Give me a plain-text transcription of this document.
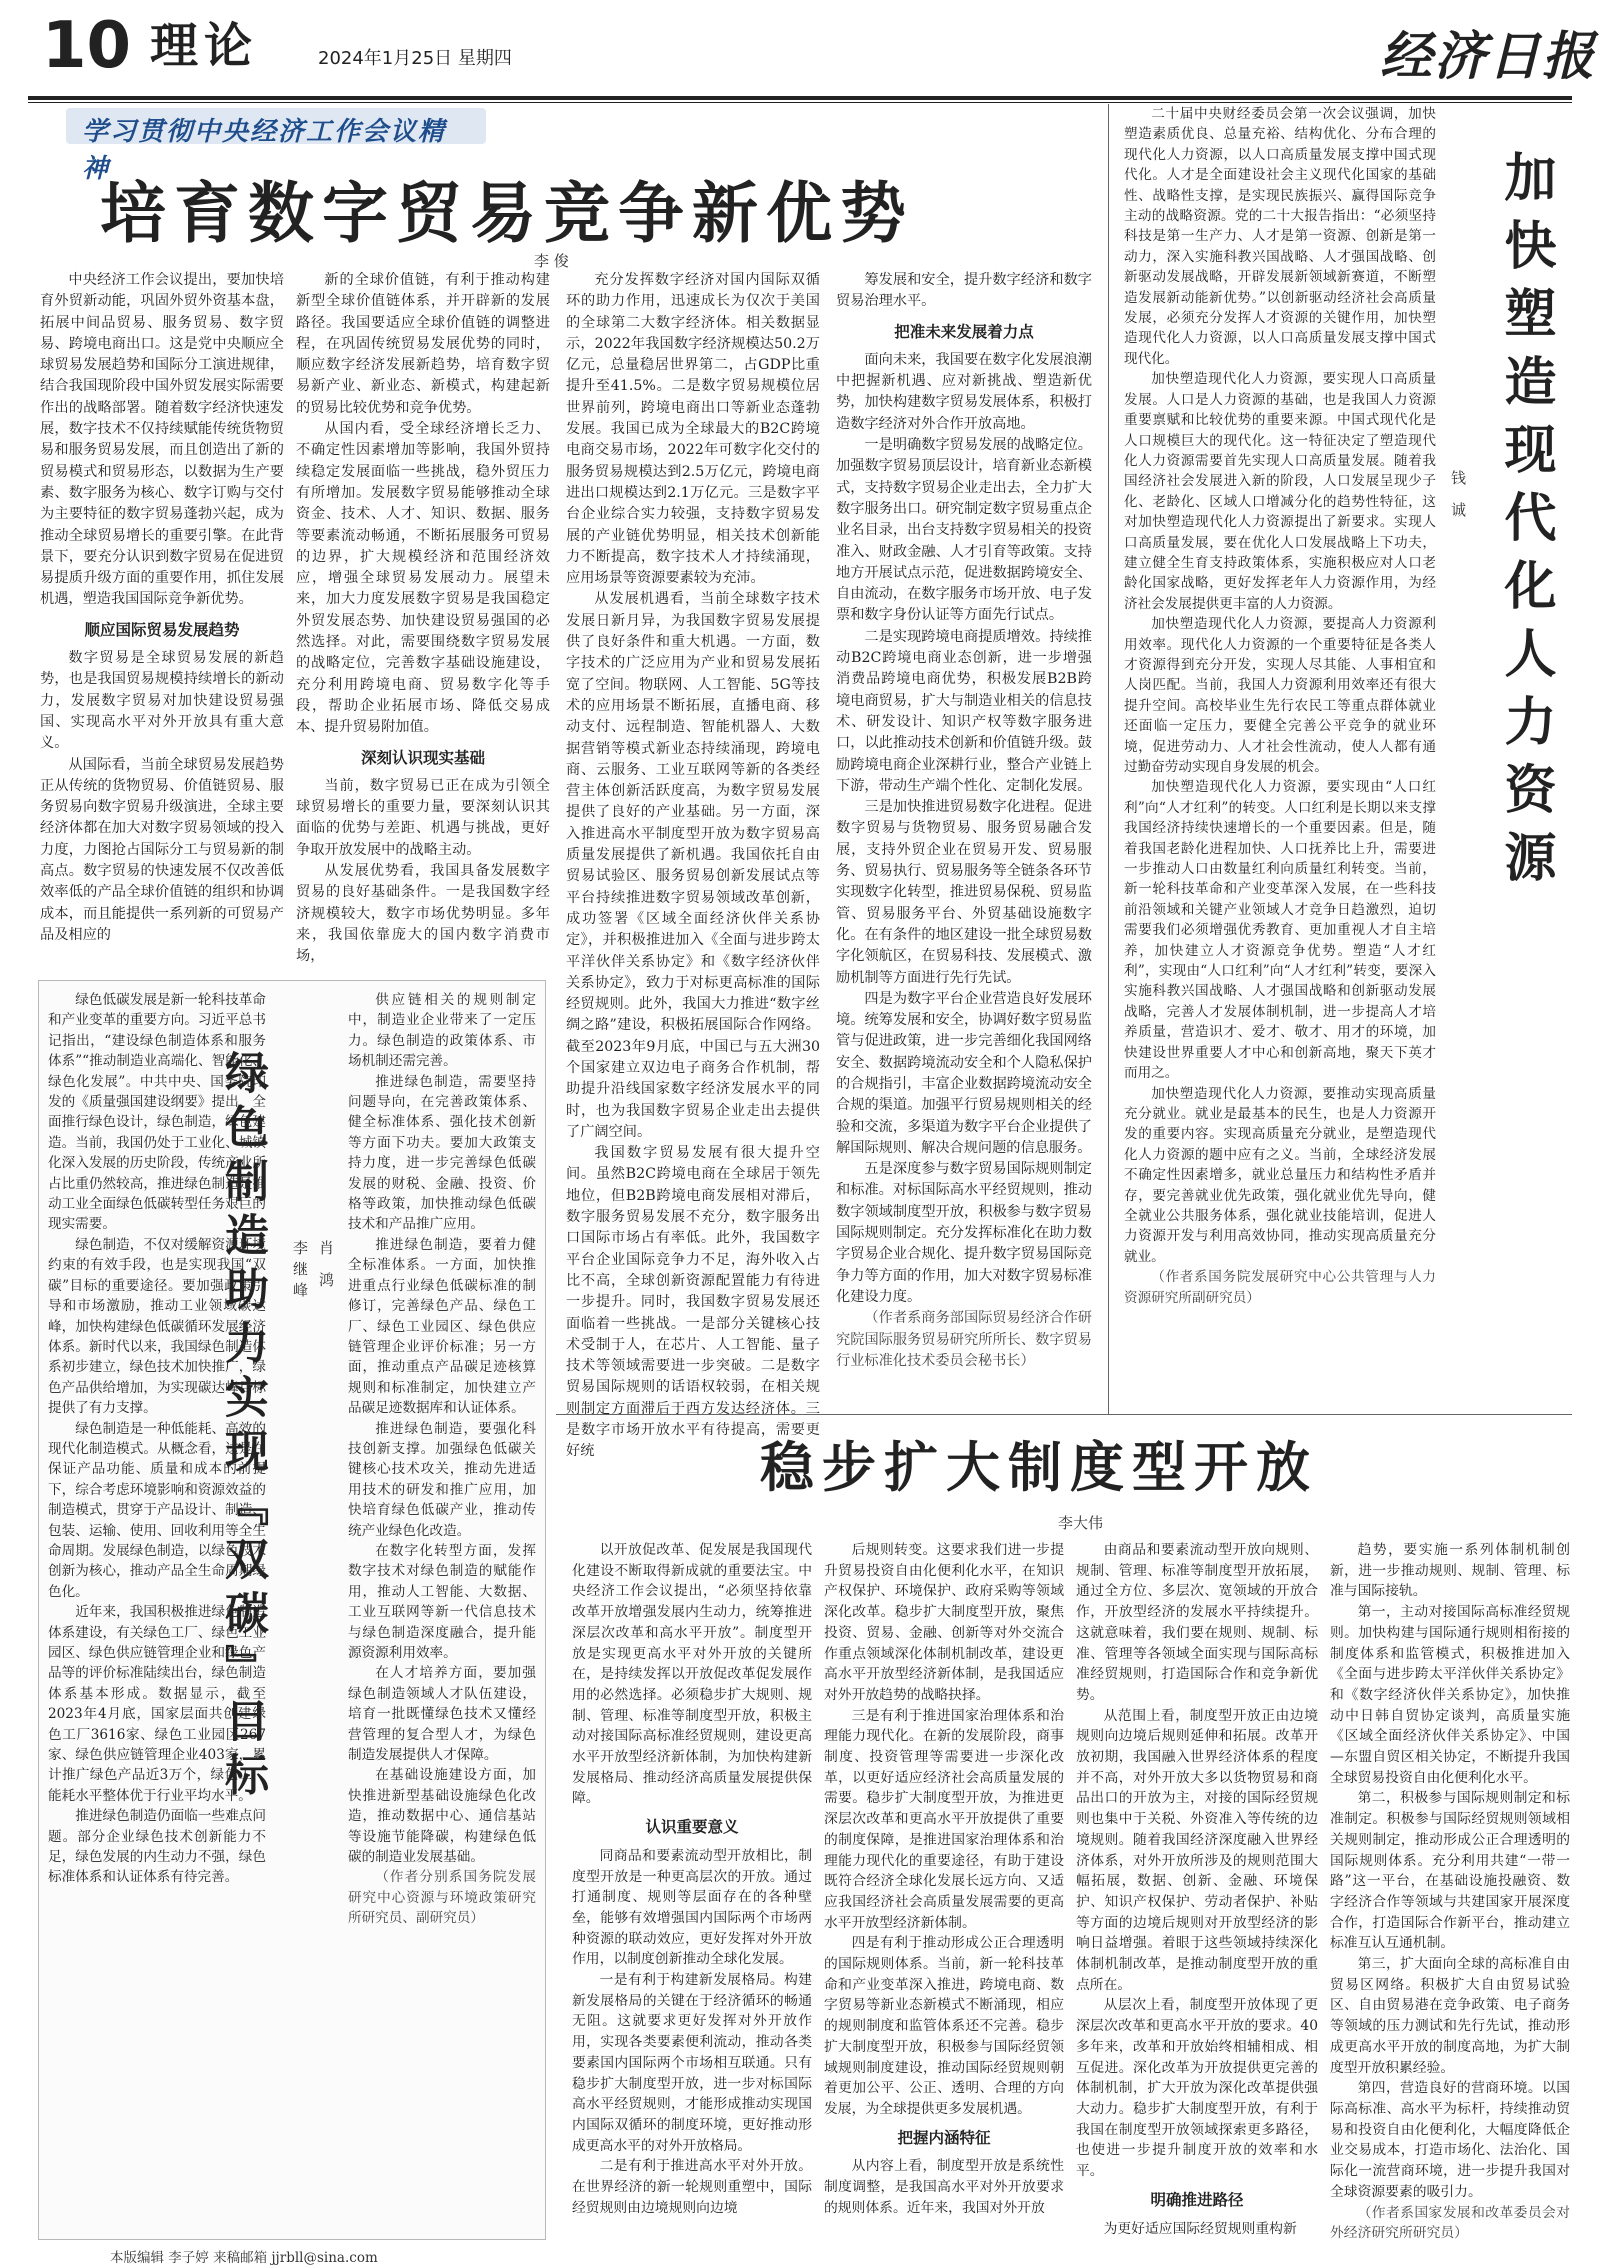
10 理论	2024年1月25日 星期四	经济日报
学习贯彻中央经济工作会议精神
培育数字贸易竞争新优势
李 俊

中央经济工作会议提出，要加快培育外贸新动能，巩固外贸外资基本盘，拓展中间品贸易、服务贸易、数字贸易、跨境电商出口。这是党中央顺应全球贸易发展趋势和国际分工演进规律，结合我国现阶段中国外贸发展实际需要作出的战略部署。随着数字经济快速发展，数字技术不仅持续赋能传统货物贸易和服务贸易发展，而且创造出了新的贸易模式和贸易形态，以数据为生产要素、数字服务为核心、数字订购与交付为主要特征的数字贸易蓬勃兴起，成为推动全球贸易增长的重要引擎。在此背景下，要充分认识到数字贸易在促进贸易提质升级方面的重要作用，抓住发展机遇，塑造我国国际竞争新优势。

顺应国际贸易发展趋势

数字贸易是全球贸易发展的新趋势，也是我国贸易规模持续增长的新动力，发展数字贸易对加快建设贸易强国、实现高水平对外开放具有重大意义。

从国际看，当前全球贸易发展趋势正从传统的货物贸易、价值链贸易、服务贸易向数字贸易升级演进，全球主要经济体都在加大对数字贸易领域的投入力度，力图抢占国际分工与贸易新的制高点。数字贸易的快速发展不仅改善低效率低的产品全球价值链的组织和协调成本，而且能提供一系列新的可贸易产品及相应的

新的全球价值链，有利于推动构建新型全球价值链体系，并开辟新的发展路径。我国要适应全球价值链的调整进程，在巩固传统贸易发展优势的同时，顺应数字经济发展新趋势，培育数字贸易新产业、新业态、新模式，构建起新的贸易比较优势和竞争优势。

从国内看，受全球经济增长乏力、不确定性因素增加等影响，我国外贸持续稳定发展面临一些挑战，稳外贸压力有所增加。发展数字贸易能够推动全球资金、技术、人才、知识、数据、服务等要素流动畅通，不断拓展服务可贸易的边界，扩大规模经济和范围经济效应，增强全球贸易发展动力。展望未来，加大力度发展数字贸易是我国稳定外贸发展态势、加快建设贸易强国的必然选择。对此，需要围绕数字贸易发展的战略定位，完善数字基础设施建设，充分利用跨境电商、贸易数字化等手段，帮助企业拓展市场、降低交易成本、提升贸易附加值。

深刻认识现实基础

当前，数字贸易已正在成为引领全球贸易增长的重要力量，要深刻认识其面临的优势与差距、机遇与挑战，更好争取开放发展中的战略主动。

从发展优势看，我国具备发展数字贸易的良好基础条件。一是我国数字经济规模较大，数字市场优势明显。多年来，我国依靠庞大的国内数字消费市场，

充分发挥数字经济对国内国际双循环的助力作用，迅速成长为仅次于美国的全球第二大数字经济体。相关数据显示，2022年我国数字经济规模达50.2万亿元，总量稳居世界第二，占GDP比重提升至41.5%。二是数字贸易规模位居世界前列，跨境电商出口等新业态蓬勃发展。我国已成为全球最大的B2C跨境电商交易市场，2022年可数字化交付的服务贸易规模达到2.5万亿元，跨境电商进出口规模达到2.1万亿元。三是数字平台企业综合实力较强，支持数字贸易发展的产业链优势明显，相关技术创新能力不断提高，数字技术人才持续涌现，应用场景等资源要素较为充沛。

从发展机遇看，当前全球数字技术发展日新月异，为我国数字贸易发展提供了良好条件和重大机遇。一方面，数字技术的广泛应用为产业和贸易发展拓宽了空间。物联网、人工智能、5G等技术的应用场景不断拓展，直播电商、移动支付、远程制造、智能机器人、大数据营销等模式新业态持续涌现，跨境电商、云服务、工业互联网等新的各类经营主体创新活跃度高，为数字贸易发展提供了良好的产业基础。另一方面，深入推进高水平制度型开放为数字贸易高质量发展提供了新机遇。我国依托自由贸易试验区、服务贸易创新发展试点等平台持续推进数字贸易领域改革创新，成功签署《区域全面经济伙伴关系协定》，并积极推进加入《全面与进步跨太平洋伙伴关系协定》和《数字经济伙伴关系协定》，致力于对标更高标准的国际经贸规则。此外，我国大力推进“数字丝绸之路”建设，积极拓展国际合作网络。截至2023年9月底，中国已与五大洲30个国家建立双边电子商务合作机制，帮助提升沿线国家数字经济发展水平的同时，也为我国数字贸易企业走出去提供了广阔空间。

我国数字贸易发展有很大提升空间。虽然B2C跨境电商在全球居于领先地位，但B2B跨境电商发展相对滞后，数字服务贸易发展不充分，数字服务出口国际市场占有率低。此外，我国数字平台企业国际竞争力不足，海外收入占比不高，全球创新资源配置能力有待进一步提升。同时，我国数字贸易发展还面临着一些挑战。一是部分关键核心技术受制于人，在芯片、人工智能、量子技术等领域需要进一步突破。二是数字贸易国际规则的话语权较弱，在相关规则制定方面滞后于西方发达经济体。三是数字市场开放水平有待提高，需要更好统

筹发展和安全，提升数字经济和数字贸易治理水平。

把准未来发展着力点

面向未来，我国要在数字化发展浪潮中把握新机遇、应对新挑战、塑造新优势，加快构建数字贸易发展体系，积极打造数字经济对外合作开放高地。

一是明确数字贸易发展的战略定位。加强数字贸易顶层设计，培育新业态新模式，支持数字贸易企业走出去，全力扩大数字服务出口。研究制定数字贸易重点企业名目录，出台支持数字贸易相关的投资准入、财政金融、人才引育等政策。支持地方开展试点示范，促进数据跨境安全、自由流动，在数字服务市场开放、电子发票和数字身份认证等方面先行试点。

二是实现跨境电商提质增效。持续推动B2C跨境电商业态创新，进一步增强消费品跨境电商优势，积极发展B2B跨境电商贸易，扩大与制造业相关的信息技术、研发设计、知识产权等数字服务进口，以此推动技术创新和价值链升级。鼓励跨境电商企业深耕行业，整合产业链上下游，带动生产端个性化、定制化发展。

三是加快推进贸易数字化进程。促进数字贸易与货物贸易、服务贸易融合发展，支持外贸企业在贸易开发、贸易服务、贸易执行、贸易服务等全链条各环节实现数字化转型，推进贸易保税、贸易监管、贸易服务平台、外贸基础设施数字化。在有条件的地区建设一批全球贸易数字化领航区，在贸易科技、发展模式、激励机制等方面进行先行先试。

四是为数字平台企业营造良好发展环境。统筹发展和安全，协调好数字贸易监管与促进政策，进一步完善细化我国网络安全、数据跨境流动安全和个人隐私保护的合规指引，丰富企业数据跨境流动安全合规的渠道。加强平行贸易规则相关的经验和交流，多渠道为数字平台企业提供了解国际规则、解决合规问题的信息服务。

五是深度参与数字贸易国际规则制定和标准。对标国际高水平经贸规则，推动数字领域制度型开放，积极参与数字贸易国际规则制定。充分发挥标准化在助力数字贸易企业合规化、提升数字贸易国际竞争力等方面的作用，加大对数字贸易标准化建设力度。

（作者系商务部国际贸易经济合作研究院国际服务贸易研究所所长、数字贸易行业标准化技术委员会秘书长）

二十届中央财经委员会第一次会议强调，加快塑造素质优良、总量充裕、结构优化、分布合理的现代化人力资源，以人口高质量发展支撑中国式现代化。人才是全面建设社会主义现代化国家的基础性、战略性支撑，是实现民族振兴、赢得国际竞争主动的战略资源。党的二十大报告指出：“必须坚持科技是第一生产力、人才是第一资源、创新是第一动力，深入实施科教兴国战略、人才强国战略、创新驱动发展战略，开辟发展新领域新赛道，不断塑造发展新动能新优势。”以创新驱动经济社会高质量发展，必须充分发挥人才资源的关键作用，加快塑造现代化人力资源，以人口高质量发展支撑中国式现代化。

加快塑造现代化人力资源，要实现人口高质量发展。人口是人力资源的基础，也是我国人力资源重要禀赋和比较优势的重要来源。中国式现代化是人口规模巨大的现代化。这一特征决定了塑造现代化人力资源需要首先实现人口高质量发展。随着我国经济社会发展进入新的阶段，人口发展呈现少子化、老龄化、区域人口增减分化的趋势性特征，这对加快塑造现代化人力资源提出了新要求。实现人口高质量发展，要在优化人口发展战略上下功夫，建立健全生育支持政策体系，实施积极应对人口老龄化国家战略，更好发挥老年人力资源作用，为经济社会发展提供更丰富的人力资源。

加快塑造现代化人力资源，要提高人力资源利用效率。现代化人力资源的一个重要特征是各类人才资源得到充分开发，实现人尽其能、人事相宜和人岗匹配。当前，我国人力资源利用效率还有很大提升空间。高校毕业生先行农民工等重点群体就业还面临一定压力，要健全完善公平竞争的就业环境，促进劳动力、人才社会性流动，使人人都有通过勤奋劳动实现自身发展的机会。

加快塑造现代化人力资源，要实现由“人口红利”向“人才红利”的转变。人口红利是长期以来支撑我国经济持续快速增长的一个重要因素。但是，随着我国老龄化进程加快、人口抚养比上升，需要进一步推动人口由数量红利向质量红利转变。当前，新一轮科技革命和产业变革深入发展，在一些科技前沿领域和关键产业领域人才竞争日趋激烈，迫切需要我们必须增强优秀教育、更加重视人才自主培养，加快建立人才资源竞争优势。塑造“人才红利”，实现由“人口红利”向“人才红利”转变，要深入实施科教兴国战略、人才强国战略和创新驱动发展战略，完善人才发展体制机制，进一步提高人才培养质量，营造识才、爱才、敬才、用才的环境，加快建设世界重要人才中心和创新高地，聚天下英才而用之。

加快塑造现代化人力资源，要推动实现高质量充分就业。就业是最基本的民生，也是人力资源开发的重要内容。实现高质量充分就业，是塑造现代化人力资源的题中应有之义。当前，全球经济发展不确定性因素增多，就业总量压力和结构性矛盾并存，要完善就业优先政策，强化就业优先导向，健全就业公共服务体系，强化就业技能培训，促进人力资源开发与利用高效协同，推动实现高质量充分就业。

（作者系国务院发展研究中心公共管理与人力资源研究所副研究员）

加快塑造现代化人力资源
钱 诚

绿色低碳发展是新一轮科技革命和产业变革的重要方向。习近平总书记指出，“建设绿色制造体系和服务体系”“推动制造业高端化、智能化、绿色化发展”。中共中央、国务院印发的《质量强国建设纲要》提出，全面推行绿色设计，绿色制造，绿色建造。当前，我国仍处于工业化、城镇化深入发展的历史阶段，传统产业所占比重仍然较高，推进绿色制造是推动工业全面绿色低碳转型任务艰巨的现实需要。

绿色制造，不仅对缓解资源环境约束的有效手段，也是实现我国“双碳”目标的重要途径。要加强政策引导和市场激励，推动工业领域碳达峰，加快构建绿色低碳循环发展经济体系。新时代以来，我国绿色制造体系初步建立，绿色技术加快推广，绿色产品供给增加，为实现碳达峰目标提供了有力支撑。

绿色制造是一种低能耗、高效的现代化制造模式。从概念看，这是在保证产品功能、质量和成本的前提下，综合考虑环境影响和资源效益的制造模式，贯穿于产品设计、制造、包装、运输、使用、回收利用等全生命周期。发展绿色制造，以绿色技术创新为核心，推动产品全生命周期绿色化。

近年来，我国积极推进绿色制造体系建设，有关绿色工厂、绿色工业园区、绿色供应链管理企业和绿色产品等的评价标准陆续出台，绿色制造体系基本形成。数据显示，截至2023年4月底，国家层面共创建绿色工厂3616家、绿色工业园区267家、绿色供应链管理企业403家，累计推广绿色产品近3万个，绿色工厂能耗水平整体优于行业平均水平。

推进绿色制造仍面临一些难点问题。部分企业绿色技术创新能力不足，绿色发展的内生动力不强，绿色标准体系和认证体系有待完善。

绿色制造助力实现『双碳』目标	李继峰 肖 鸿

供应链相关的规则制定中，制造业企业带来了一定压力。绿色制造的政策体系、市场机制还需完善。

推进绿色制造，需要坚持问题导向，在完善政策体系、健全标准体系、强化技术创新等方面下功夫。要加大政策支持力度，进一步完善绿色低碳发展的财税、金融、投资、价格等政策，加快推动绿色低碳技术和产品推广应用。

推进绿色制造，要着力健全标准体系。一方面，加快推进重点行业绿色低碳标准的制修订，完善绿色产品、绿色工厂、绿色工业园区、绿色供应链管理企业评价标准；另一方面，推动重点产品碳足迹核算规则和标准制定，加快建立产品碳足迹数据库和认证体系。

推进绿色制造，要强化科技创新支撑。加强绿色低碳关键核心技术攻关，推动先进适用技术的研发和推广应用，加快培育绿色低碳产业，推动传统产业绿色化改造。

在数字化转型方面，发挥数字技术对绿色制造的赋能作用，推动人工智能、大数据、工业互联网等新一代信息技术与绿色制造深度融合，提升能源资源利用效率。

在人才培养方面，要加强绿色制造领域人才队伍建设，培育一批既懂绿色技术又懂经营管理的复合型人才，为绿色制造发展提供人才保障。

在基础设施建设方面，加快推进新型基础设施绿色化改造，推动数据中心、通信基站等设施节能降碳，构建绿色低碳的制造业发展基础。

（作者分别系国务院发展研究中心资源与环境政策研究所研究员、副研究员）

稳步扩大制度型开放
李大伟

以开放促改革、促发展是我国现代化建设不断取得新成就的重要法宝。中央经济工作会议提出，“必须坚持依靠改革开放增强发展内生动力，统筹推进深层次改革和高水平开放”。制度型开放是实现更高水平对外开放的关键所在，是持续发挥以开放促改革促发展作用的必然选择。必须稳步扩大规则、规制、管理、标准等制度型开放，积极主动对接国际高标准经贸规则，建设更高水平开放型经济新体制，为加快构建新发展格局、推动经济高质量发展提供保障。

认识重要意义

同商品和要素流动型开放相比，制度型开放是一种更高层次的开放。通过打通制度、规则等层面存在的各种壁垒，能够有效增强国内国际两个市场两种资源的联动效应，更好发挥对外开放作用，以制度创新推动全球化发展。

一是有利于构建新发展格局。构建新发展格局的关键在于经济循环的畅通无阻。这就要求更好发挥对外开放作用，实现各类要素便利流动，推动各类要素国内国际两个市场相互联通。只有稳步扩大制度型开放，进一步对标国际高水平经贸规则，才能形成推动实现国内国际双循环的制度环境，更好推动形成更高水平的对外开放格局。

二是有利于推进高水平对外开放。在世界经济的新一轮规则重塑中，国际经贸规则由边境规则向边境

后规则转变。这要求我们进一步提升贸易投资自由化便利化水平，在知识产权保护、环境保护、政府采购等领域深化改革。稳步扩大制度型开放，聚焦投资、贸易、金融、创新等对外交流合作重点领域深化体制机制改革，建设更高水平开放型经济新体制，是我国适应对外开放趋势的战略抉择。

三是有利于推进国家治理体系和治理能力现代化。在新的发展阶段，商事制度、投资管理等需要进一步深化改革，以更好适应经济社会高质量发展的需要。稳步扩大制度型开放，为推进更深层次改革和更高水平开放提供了重要的制度保障，是推进国家治理体系和治理能力现代化的重要途径，有助于建设既符合经济全球化发展长远方向、又适应我国经济社会高质量发展需要的更高水平开放型经济新体制。

四是有利于推动形成公正合理透明的国际规则体系。当前，新一轮科技革命和产业变革深入推进，跨境电商、数字贸易等新业态新模式不断涌现，相应的规则制度和监管体系还不完善。稳步扩大制度型开放，积极参与国际经贸领域规则制度建设，推动国际经贸规则朝着更加公平、公正、透明、合理的方向发展，为全球提供更多发展机遇。

把握内涵特征

从内容上看，制度型开放是系统性制度调整，是我国高水平对外开放要求的规则体系。近年来，我国对外开放

由商品和要素流动型开放向规则、规制、管理、标准等制度型开放拓展，通过全方位、多层次、宽领域的开放合作，开放型经济的发展水平持续提升。这就意味着，我们要在规则、规制、标准、管理等各领域全面实现与国际高标准经贸规则，打造国际合作和竞争新优势。

从范围上看，制度型开放正由边境规则向边境后规则延伸和拓展。改革开放初期，我国融入世界经济体系的程度并不高，对外开放大多以货物贸易和商品出口的开放为主，对接的国际经贸规则也集中于关税、外资准入等传统的边境规则。随着我国经济深度融入世界经济体系，对外开放所涉及的规则范围大幅拓展，数据、创新、金融、环境保护、知识产权保护、劳动者保护、补贴等方面的边境后规则对开放型经济的影响日益增强。着眼于这些领域持续深化体制机制改革，是推动制度型开放的重点所在。

从层次上看，制度型开放体现了更深层次改革和更高水平开放的要求。40多年来，改革和开放始终相辅相成、相互促进。深化改革为开放提供更完善的体制机制，扩大开放为深化改革提供强大动力。稳步扩大制度型开放，有利于我国在制度型开放领域探索更多路径，也使进一步提升制度开放的效率和水平。

明确推进路径

为更好适应国际经贸规则重构新

趋势，要实施一系列体制机制创新，进一步推动规则、规制、管理、标准与国际接轨。

第一，主动对接国际高标准经贸规则。加快构建与国际通行规则相衔接的制度体系和监管模式，积极推进加入《全面与进步跨太平洋伙伴关系协定》和《数字经济伙伴关系协定》，加快推动中日韩自贸协定谈判，高质量实施《区域全面经济伙伴关系协定》、中国—东盟自贸区相关协定，不断提升我国全球贸易投资自由化便利化水平。

第二，积极参与国际规则制定和标准制定。积极参与国际经贸规则领域相关规则制定，推动形成公正合理透明的国际规则体系。充分利用共建“一带一路”这一平台，在基础设施投融资、数字经济合作等领域与共建国家开展深度合作，打造国际合作新平台，推动建立标准互认互通机制。

第三，扩大面向全球的高标准自由贸易区网络。积极扩大自由贸易试验区、自由贸易港在竞争政策、电子商务等领域的压力测试和先行先试，推动形成更高水平开放的制度高地，为扩大制度型开放积累经验。

第四，营造良好的营商环境。以国际高标准、高水平为标杆，持续推动贸易和投资自由化便利化，大幅度降低企业交易成本，打造市场化、法治化、国际化一流营商环境，进一步提升我国对全球资源要素的吸引力。

（作者系国家发展和改革委员会对外经济研究所研究员）

本版编辑 李子婷 来稿邮箱 jjrbll@sina.com
